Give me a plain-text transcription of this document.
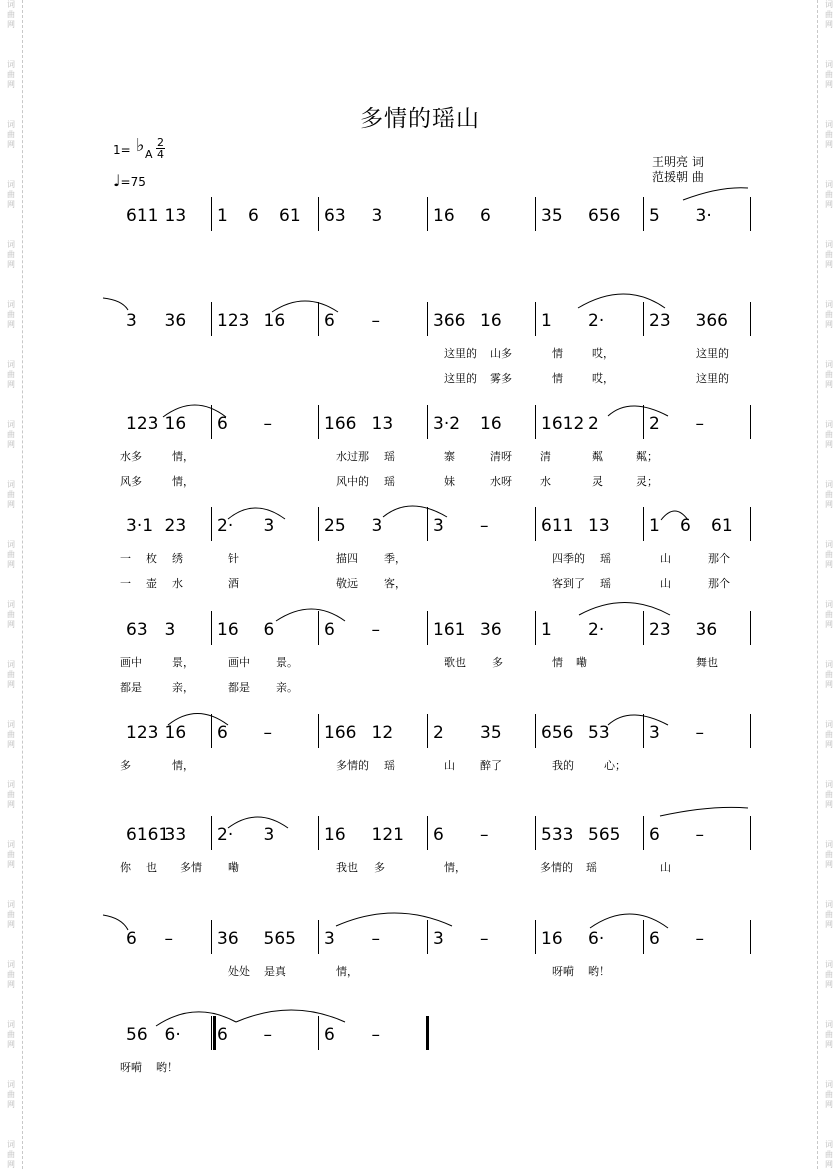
词
曲
网
词
曲
网
词
曲
网
词
曲
网
词
曲
网
词
曲
网
词
曲
网
词
曲
网
词
曲
网
词
曲
网
词
曲
网
词
曲
网
词
曲
网
词
曲
网
词
曲
网
词
曲
网
词
曲
网
词
曲
网
词
曲
网
词
曲
网
词
曲
网
词
曲
网
词
曲
网
词
曲
网
词
曲
网
词
曲
网
词
曲
网
词
曲
网
词
曲
网
词
曲
网
词
曲
网
词
曲
网
词
曲
网
词
曲
网
词
曲
网
词
曲
网
词
曲
网
词
曲
网
词
曲
网
词
曲
网
多情的瑶山
1= ♭ A
2

4
♩=75
王明亮 词
范援朝 曲
611 13 1 6 61 63 3	16 6	35 656 5 3·
3 36 123 16 6 –	366 16 1 2·	23 366
这里的 山多	情	哎，	这里的
这里的 雾多	情	哎，	这里的
123 16 6 –	166 13 3·2 16 1612 2	2 –
水多	情，	水过那 瑶	寨	清呀	清	粼	粼；
风多	情，	风中的 瑶	妹	水呀	水	灵	灵；
3·1 23 2· 3	25 3	3 –	611 13 1 6 61
一 枚 绣	针	描四 季，	四季的 瑶	山	那个
一 壶 水	酒	敬远 客，	客到了 瑶	山	那个
63 3 16 6	6 –	161 36 1 2·	23 36
画中	景，	画中 景。	歌也 多	情 嘞	舞也
都是	亲，	都是 亲。
123 16 6 –	166 12 2 35 656 53 3 –
多	情，	多情的 瑶	山 醉了	我的	心；
6161
33 2· 3	16 121 6 –	533 565 6 –
你 也 多情 嘞	我也 多	情，	多情的 瑶	山
6 –	36 565 3 –	3 –	16 6·	6 –
处处 是真	情，	呀嗬 哟！
56 6· 6 –	6 –
呀嗬 哟！
